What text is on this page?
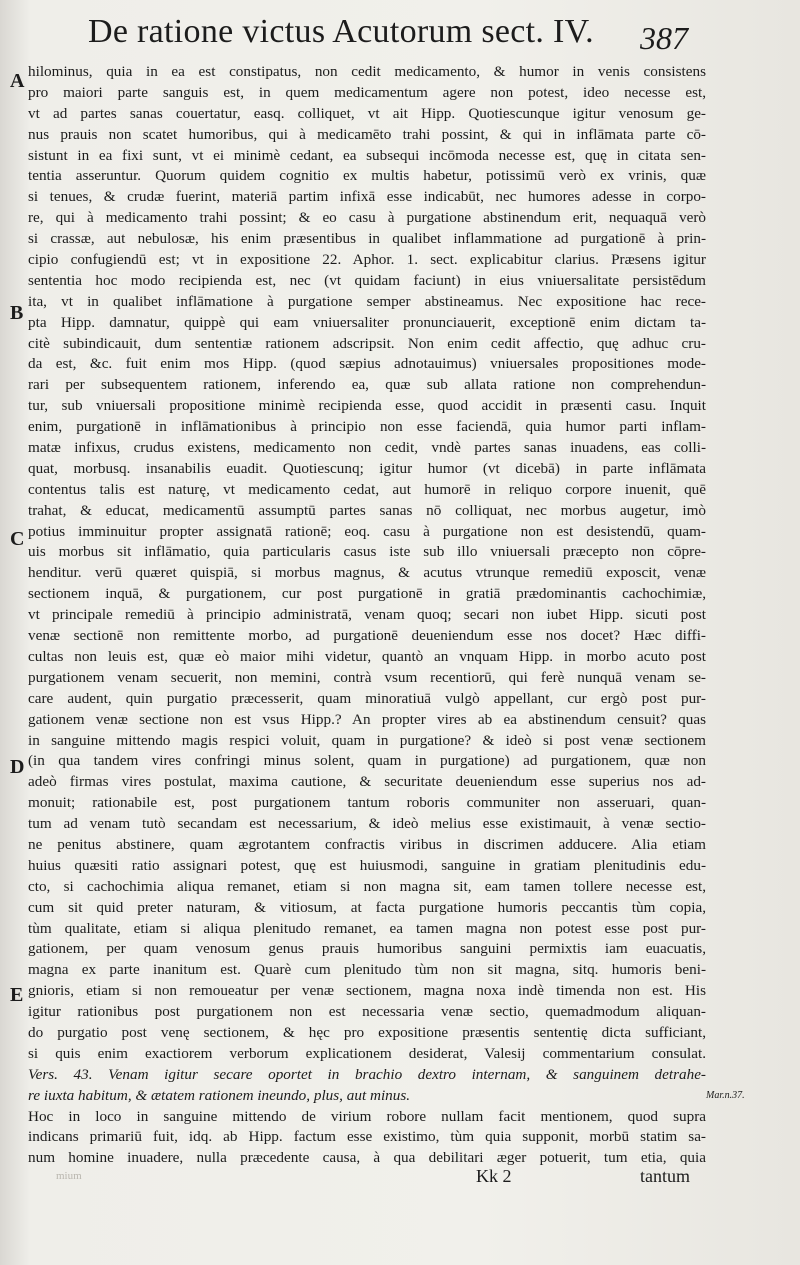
De ratione victus Acutorum sect. IV.	387
A
B
C
D
E
hilominus, quia in ea est constipatus, non cedit medicamento, & humor in venis consistens
pro maiori parte sanguis est, in quem medicamentum agere non potest, ideo necesse est,
vt ad partes sanas couertatur, easq. colliquet, vt ait Hipp. Quotiescunque igitur venosum ge-
nus prauis non scatet humoribus, qui à medicamēto trahi possint, & qui in inflāmata parte cō-
sistunt in ea fixi sunt, vt ei minimè cedant, ea subsequi incōmoda necesse est, quę in citata sen-
tentia asseruntur. Quorum quidem cognitio ex multis habetur, potissimū verò ex vrinis, quæ
si tenues, & crudæ fuerint, materiā partim infixā esse indicabūt, nec humores adesse in corpo-
re, qui à medicamento trahi possint; & eo casu à purgatione abstinendum erit, nequaquā verò
si crassæ, aut nebulosæ, his enim præsentibus in qualibet inflammatione ad purgationē à prin-
cipio confugiendū est; vt in expositione 22. Aphor. 1. sect. explicabitur clarius. Præsens igitur
sententia hoc modo recipienda est, nec (vt quidam faciunt) in eius vniuersalitate persistēdum
ita, vt in qualibet inflāmatione à purgatione semper abstineamus. Nec expositione hac rece-
pta Hipp. damnatur, quippè qui eam vniuersaliter pronunciauerit, exceptionē enim dictam ta-
citè subindicauit, dum sententiæ rationem adscripsit. Non enim cedit affectio, quę adhuc cru-
da est, &c. fuit enim mos Hipp. (quod sæpius adnotauimus) vniuersales propositiones mode-
rari per subsequentem rationem, inferendo ea, quæ sub allata ratione non comprehendun-
tur, sub vniuersali propositione minimè recipienda esse, quod accidit in præsenti casu. Inquit
enim, purgationē in inflāmationibus à principio non esse faciendā, quia humor parti inflam-
matæ infixus, crudus existens, medicamento non cedit, vndè partes sanas inuadens, eas colli-
quat, morbusq. insanabilis euadit. Quotiescunq; igitur humor (vt dicebā) in parte inflāmata
contentus talis est naturę, vt medicamento cedat, aut humorē in reliquo corpore inuenit, quē
trahat, & educat, medicamentū assumptū partes sanas nō colliquat, nec morbus augetur, imò
potius imminuitur propter assignatā rationē; eoq. casu à purgatione non est desistendū, quam-
uis morbus sit inflāmatio, quia particularis casus iste sub illo vniuersali præcepto non cōpre-
henditur. verū quæret quispiā, si morbus magnus, & acutus vtrunque remediū exposcit, venæ
sectionem inquā, & purgationem, cur post purgationē in gratiā prædominantis cachochimiæ,
vt principale remediū à principio administratā, venam quoq; secari non iubet Hipp. sicuti post
venæ sectionē non remittente morbo, ad purgationē deueniendum esse nos docet? Hæc diffi-
cultas non leuis est, quæ eò maior mihi videtur, quantò an vnquam Hipp. in morbo acuto post
purgationem venam secuerit, non memini, contrà vsum recentiorū, qui ferè nunquā venam se-
care audent, quin purgatio præcesserit, quam minoratiuā vulgò appellant, cur ergò post pur-
gationem venæ sectione non est vsus Hipp.? An propter vires ab ea abstinendum censuit? quas
in sanguine mittendo magis respici voluit, quam in purgatione? & ideò si post venæ sectionem
(in qua tandem vires confringi minus solent, quam in purgatione) ad purgationem, quæ non
adeò firmas vires postulat, maxima cautione, & securitate deueniendum esse superius nos ad-
monuit; rationabile est, post purgationem tantum roboris communiter non asseruari, quan-
tum ad venam tutò secandam est necessarium, & ideò melius esse existimauit, à venæ sectio-
ne penitus abstinere, quam ægrotantem confractis viribus in discrimen adducere. Alia etiam
huius quæsiti ratio assignari potest, quę est huiusmodi, sanguine in gratiam plenitudinis edu-
cto, si cachochimia aliqua remanet, etiam si non magna sit, eam tamen tollere necesse est,
cum sit quid preter naturam, & vitiosum, at facta purgatione humoris peccantis tùm copia,
tùm qualitate, etiam si aliqua plenitudo remanet, ea tamen magna non potest esse post pur-
gationem, per quam venosum genus prauis humoribus sanguini permixtis iam euacuatis,
magna ex parte inanitum est. Quarè cum plenitudo tùm non sit magna, sitq. humoris beni-
gnioris, etiam si non remoueatur per venæ sectionem, magna noxa indè timenda non est. His
igitur rationibus post purgationem non est necessaria venæ sectio, quemadmodum aliquan-
do purgatio post venę sectionem, & hęc pro expositione præsentis sententię dicta sufficiant,
si quis enim exactiorem verborum explicationem desiderat, Valesij commentarium consulat.
Vers. 43. Venam igitur secare oportet in brachio dextro internam, & sanguinem detrahe-
re iuxta habitum, & ætatem rationem ineundo, plus, aut minus.
Hoc in loco in sanguine mittendo de virium robore nullam facit mentionem, quod supra
indicans primariū fuit, idq. ab Hipp. factum esse existimo, tùm quia supponit, morbū statim sa-
num homine inuadere, nulla præcedente causa, à qua debilitari æger potuerit, tum etia, quia
Mar.n.37.
mium	Kk 2	tantum
